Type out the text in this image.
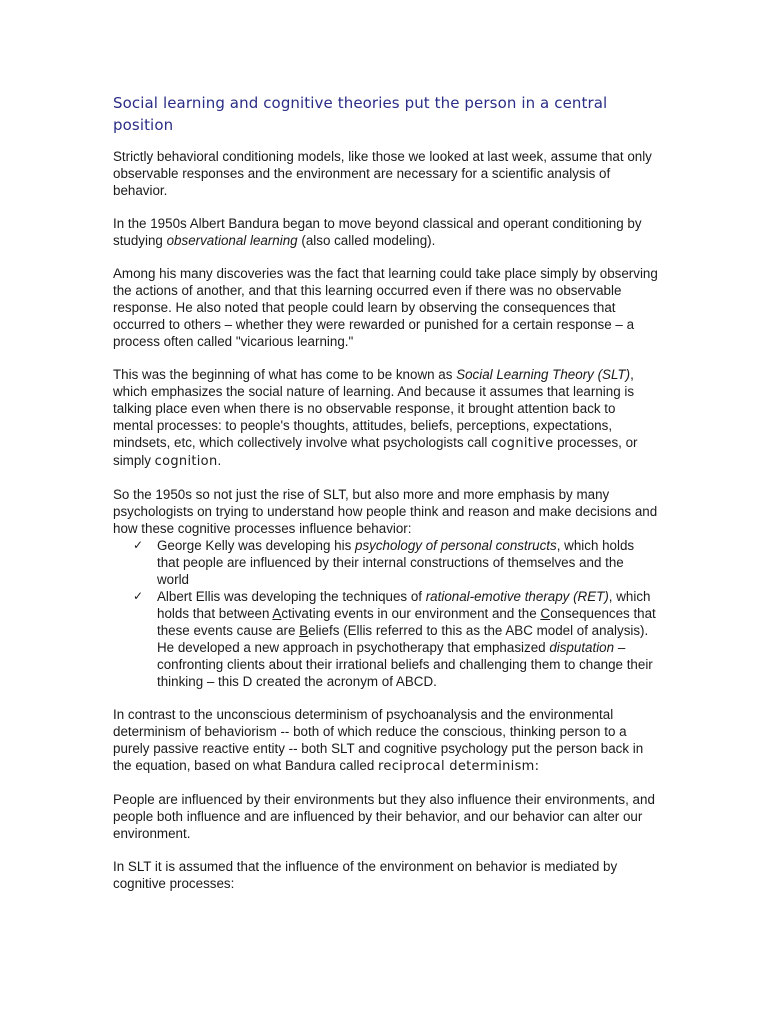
Social learning and cognitive theories put the person in a central position

Strictly behavioral conditioning models, like those we looked at last week, assume that only observable responses and the environment are necessary for a scientific analysis of behavior.

In the 1950s Albert Bandura began to move beyond classical and operant conditioning by studying observational learning (also called modeling).

Among his many discoveries was the fact that learning could take place simply by observing the actions of another, and that this learning occurred even if there was no observable response. He also noted that people could learn by observing the consequences that occurred to others – whether they were rewarded or punished for a certain response – a process often called "vicarious learning."

This was the beginning of what has come to be known as Social Learning Theory (SLT), which emphasizes the social nature of learning. And because it assumes that learning is talking place even when there is no observable response, it brought attention back to mental processes: to people's thoughts, attitudes, beliefs, perceptions, expectations, mindsets, etc, which collectively involve what psychologists call cognitive processes, or simply cognition.

So the 1950s so not just the rise of SLT, but also more and more emphasis by many psychologists on trying to understand how people think and reason and make decisions and how these cognitive processes influence behavior:

✓ George Kelly was developing his psychology of personal constructs, which holds that people are influenced by their internal constructions of themselves and the world
✓ Albert Ellis was developing the techniques of rational-emotive therapy (RET), which holds that between Activating events in our environment and the Consequences that these events cause are Beliefs (Ellis referred to this as the ABC model of analysis). He developed a new approach in psychotherapy that emphasized disputation – confronting clients about their irrational beliefs and challenging them to change their thinking – this D created the acronym of ABCD.

In contrast to the unconscious determinism of psychoanalysis and the environmental determinism of behaviorism -- both of which reduce the conscious, thinking person to a purely passive reactive entity -- both SLT and cognitive psychology put the person back in the equation, based on what Bandura called reciprocal determinism:

People are influenced by their environments but they also influence their environments, and people both influence and are influenced by their behavior, and our behavior can alter our environment.

In SLT it is assumed that the influence of the environment on behavior is mediated by cognitive processes:
